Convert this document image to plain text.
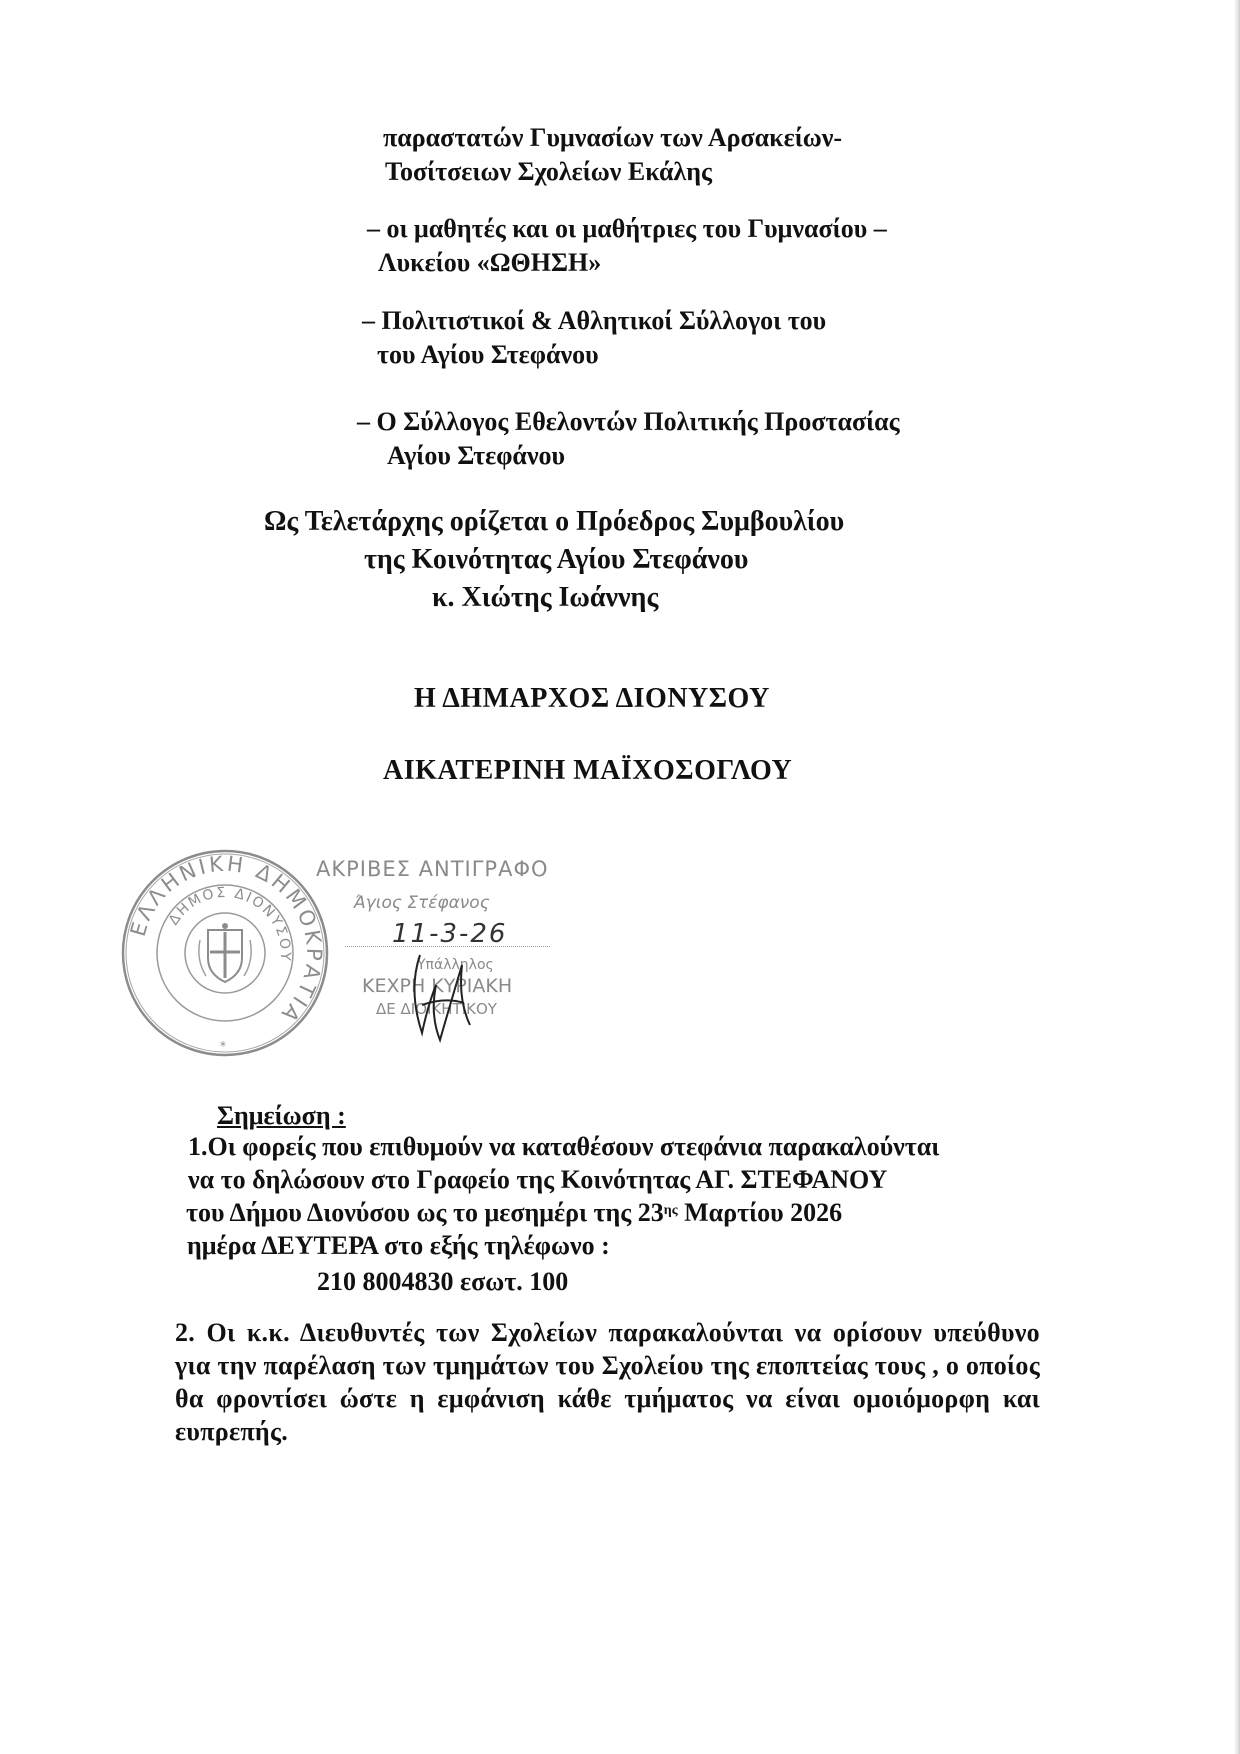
παραστατών Γυμνασίων των Αρσακείων-
Τοσίτσειων Σχολείων Εκάλης
– οι μαθητές και οι μαθήτριες του Γυμνασίου –
Λυκείου «ΩΘΗΣΗ»
– Πολιτιστικοί & Αθλητικοί Σύλλογοι του
του Αγίου Στεφάνου
– Ο Σύλλογος Εθελοντών Πολιτικής Προστασίας
Αγίου Στεφάνου
Ως Τελετάρχης ορίζεται ο Πρόεδρος Συμβουλίου
της Κοινότητας Αγίου Στεφάνου
κ. Χιώτης Ιωάννης
Η ΔΗΜΑΡΧΟΣ ΔΙΟΝΥΣΟΥ
ΑΙΚΑΤΕΡΙΝΗ ΜΑΪΧΟΣΟΓΛΟΥ
ΕΛΛΗΝΙΚΗ ΔΗΜΟΚΡΑΤΙΑ
ΔΗΜΟΣ ΔΙΟΝΥΣΟΥ
*
ΑΚΡΙΒΕΣ ΑΝΤΙΓΡΑΦΟ
Άγιος Στέφανος
11-3-26
Υπάλληλος
ΚΕΧΡΗ ΚΥΡΙΑΚΗ
ΔΕ ΔΙΟΙΚΗΤΙΚΟΥ
Σημείωση :
1.Οι φορείς που επιθυμούν να καταθέσουν στεφάνια παρακαλούνται
να το δηλώσουν στο Γραφείο της Κοινότητας ΑΓ. ΣΤΕΦΑΝΟΥ
του Δήμου Διονύσου ως το μεσημέρι της $23^{\eta\varsigma}$ Μαρτίου 2026
ημέρα ΔΕΥΤΕΡΑ στο εξής τηλέφωνο :
210 8004830 εσωτ. 100
2. Οι κ.κ. Διευθυντές των Σχολείων παρακαλούνται να ορίσουν υπεύθυνο για την παρέλαση των τμημάτων του Σχολείου της εποπτείας τους , ο οποίος θα φροντίσει ώστε η εμφάνιση κάθε τμήματος να είναι ομοιόμορφη και ευπρεπής.
